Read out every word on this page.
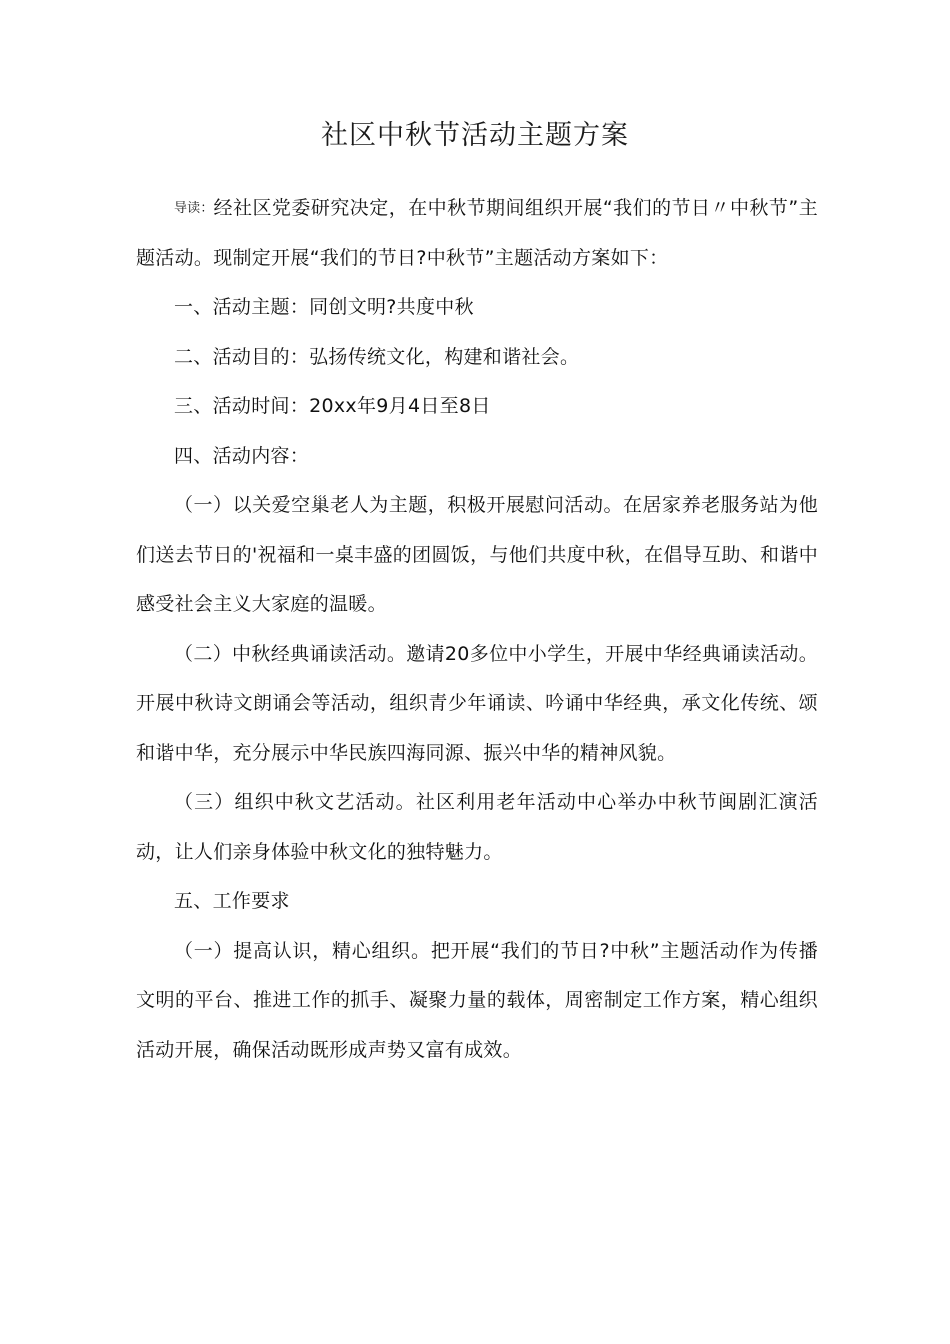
社区中秋节活动主题方案

导读：经社区党委研究决定，在中秋节期间组织开展“我们的节日〃中秋节”主题活动。现制定开展“我们的节日?中秋节”主题活动方案如下：

一、活动主题：同创文明?共度中秋

二、活动目的：弘扬传统文化，构建和谐社会。

三、活动时间：20xx年9月4日至8日

四、活动内容：

（一）以关爱空巢老人为主题，积极开展慰问活动。在居家养老服务站为他们送去节日的'祝福和一桌丰盛的团圆饭，与他们共度中秋，在倡导互助、和谐中感受社会主义大家庭的温暖。

（二）中秋经典诵读活动。邀请20多位中小学生，开展中华经典诵读活动。开展中秋诗文朗诵会等活动，组织青少年诵读、吟诵中华经典，承文化传统、颂和谐中华，充分展示中华民族四海同源、振兴中华的精神风貌。

（三）组织中秋文艺活动。社区利用老年活动中心举办中秋节闽剧汇演活动，让人们亲身体验中秋文化的独特魅力。

五、工作要求

（一）提高认识，精心组织。把开展“我们的节日?中秋”主题活动作为传播文明的平台、推进工作的抓手、凝聚力量的载体，周密制定工作方案，精心组织活动开展，确保活动既形成声势又富有成效。
